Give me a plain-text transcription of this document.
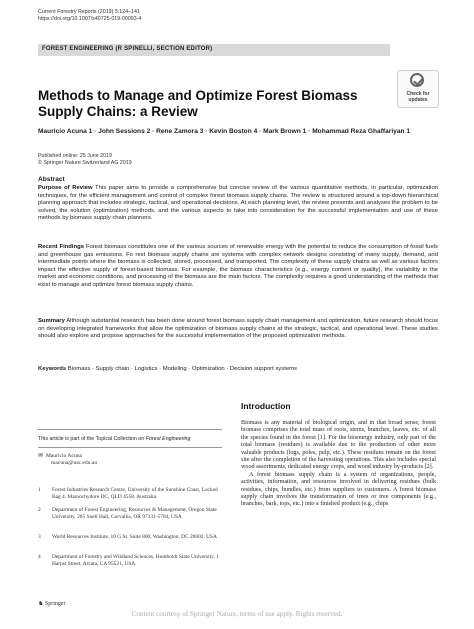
Current Forestry Reports (2019) 5:124–141
https://doi.org/10.1007/s40725-019-00093-4
FOREST ENGINEERING (R SPINELLI, SECTION EDITOR)
Check for
updates
Methods to Manage and Optimize Forest Biomass Supply Chains: a Review
Mauricio Acuna 1 · John Sessions 2 · Rene Zamora 3 · Kevin Boston 4 · Mark Brown 1 · Mohammad Reza Ghaffariyan 1
Published online: 25 June 2019
© Springer Nature Switzerland AG 2019
Abstract
Purpose of Review This paper aims to provide a comprehensive but concise review of the various quantitative methods, in particular, optimization techniques, for the efficient management and control of complex forest biomass supply chains. The review is structured around a top-down hierarchical planning approach that includes strategic, tactical, and operational decisions. At each planning level, the review presents and analyses the problem to be solved, the solution (optimization) methods, and the various aspects to take into consideration for the successful implementation and use of these methods by biomass supply chain planners.
Recent Findings Forest biomass constitutes one of the various sources of renewable energy with the potential to reduce the consumption of fossil fuels and greenhouse gas emissions. Fo rest biomass supply chains are systems with complex network designs consisting of many supply, demand, and intermediate points where the biomass is collected, stored, processed, and transported. The complexity of these supply chains as well as various factors impact the effective supply of forest-based biomass. For example, the biomass characteristics (e.g., energy content or quality), the variability in the market and economic conditions, and processing of the biomass are the main factors. The complexity requires a good understanding of the methods that exist to manage and optimize forest biomass supply chains.
Summary Although substantial research has been done around forest biomass supply chain management and optimization, future research should focus on developing integrated frameworks that allow the optimization of biomass supply chains at the strategic, tactical, and operational level. These studies should also explore and propose approaches for the successful implementation of the proposed optimization methods.
Keywords Biomass · Supply chain · Logistics · Modeling · Optimization · Decision support systems
This article is part of the Topical Collection on Forest Engineering
✉ Mauricio Acuna
macuna@usc.edu.au
1 Forest Industries Research Centre, University of the Sunshine Coast, Locked Bag 4, Maroochydore DC, QLD 4558, Australia
2 Department of Forest Engineering, Resources & Management, Oregon State University, 205 Snell Hall, Corvallis, OR 97331-5704, USA
3 World Resources Institute, 10 G St. Suite 800, Washington, DC 20002, USA
4 Department of Forestry and Wildland Sciences, Humboldt State University, 1 Harpst Street, Arcata, CA 95521, USA
♞ Springer
Introduction

Biomass is any material of biological origin, and in that broad sense, forest biomass comprises the total mass of roots, stems, branches, leaves, etc. of all the species found in the forest [1]. For the bioenergy industry, only part of the total biomass (residues) is available due to the production of other more valuable products (logs, poles, pulp, etc.). These residues remain on the forest site after the completion of the harvesting operations. This also includes special wood assortments, dedicated energy crops, and wood industry by-products [2].

A forest biomass supply chain is a system of organizations, people, activities, information, and resources involved in delivering residues (bulk residues, chips, bundles, etc.) from suppliers to customers. A forest biomass supply chain involves the transformation of trees or tree components (e.g., branches, bark, tops, etc.) into a finished product (e.g., chips

Content courtesy of Springer Nature, terms of use apply. Rights reserved.
